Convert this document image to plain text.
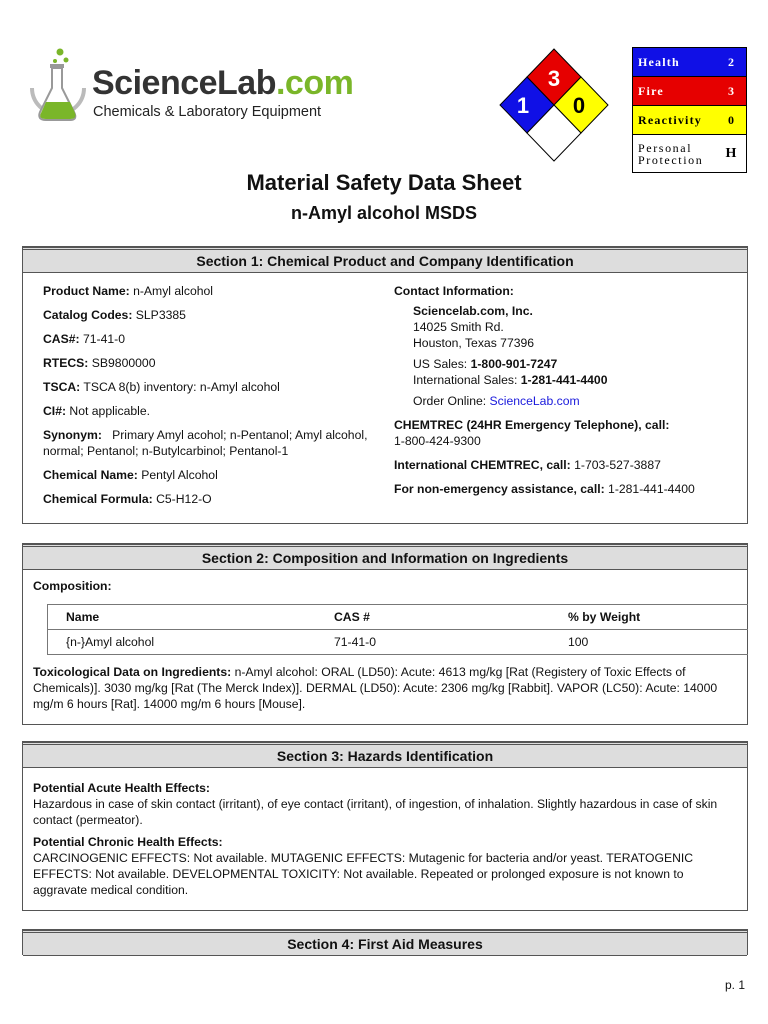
ScienceLab.com
Chemicals & Laboratory Equipment
3
1 0
Health	2
Fire	3
Reactivity	0
Personal Protection	H
Material Safety Data Sheet
n-Amyl alcohol MSDS
Section 1: Chemical Product and Company Identification
Product Name: n-Amyl alcohol
Catalog Codes: SLP3385
CAS#: 71-41-0
RTECS: SB9800000
TSCA: TSCA 8(b) inventory: n-Amyl alcohol
CI#: Not applicable.
Synonym:   Primary Amyl acohol; n-Pentanol; Amyl alcohol, normal; Pentanol; n-Butylcarbinol; Pentanol-1
Chemical Name: Pentyl Alcohol
Chemical Formula: C5-H12-O
Contact Information:
Sciencelab.com, Inc.
14025 Smith Rd.
Houston, Texas 77396
US Sales: 1-800-901-7247
International Sales: 1-281-441-4400
Order Online: ScienceLab.com
CHEMTREC (24HR Emergency Telephone), call:
1-800-424-9300
International CHEMTREC, call: 1-703-527-3887
For non-emergency assistance, call: 1-281-441-4400
Section 2: Composition and Information on Ingredients
Composition:
Name	CAS #	% by Weight
{n-}Amyl alcohol	71-41-0	100
Toxicological Data on Ingredients: n-Amyl alcohol: ORAL (LD50): Acute: 4613 mg/kg [Rat (Registery of Toxic Effects of Chemicals)]. 3030 mg/kg [Rat (The Merck Index)]. DERMAL (LD50): Acute: 2306 mg/kg [Rabbit]. VAPOR (LC50): Acute: 14000 mg/m 6 hours [Rat]. 14000 mg/m 6 hours [Mouse].
Section 3: Hazards Identification
Potential Acute Health Effects:
Hazardous in case of skin contact (irritant), of eye contact (irritant), of ingestion, of inhalation. Slightly hazardous in case of skin contact (permeator).
Potential Chronic Health Effects:
CARCINOGENIC EFFECTS: Not available. MUTAGENIC EFFECTS: Mutagenic for bacteria and/or yeast. TERATOGENIC EFFECTS: Not available. DEVELOPMENTAL TOXICITY: Not available. Repeated or prolonged exposure is not known to aggravate medical condition.
Section 4: First Aid Measures
p. 1
